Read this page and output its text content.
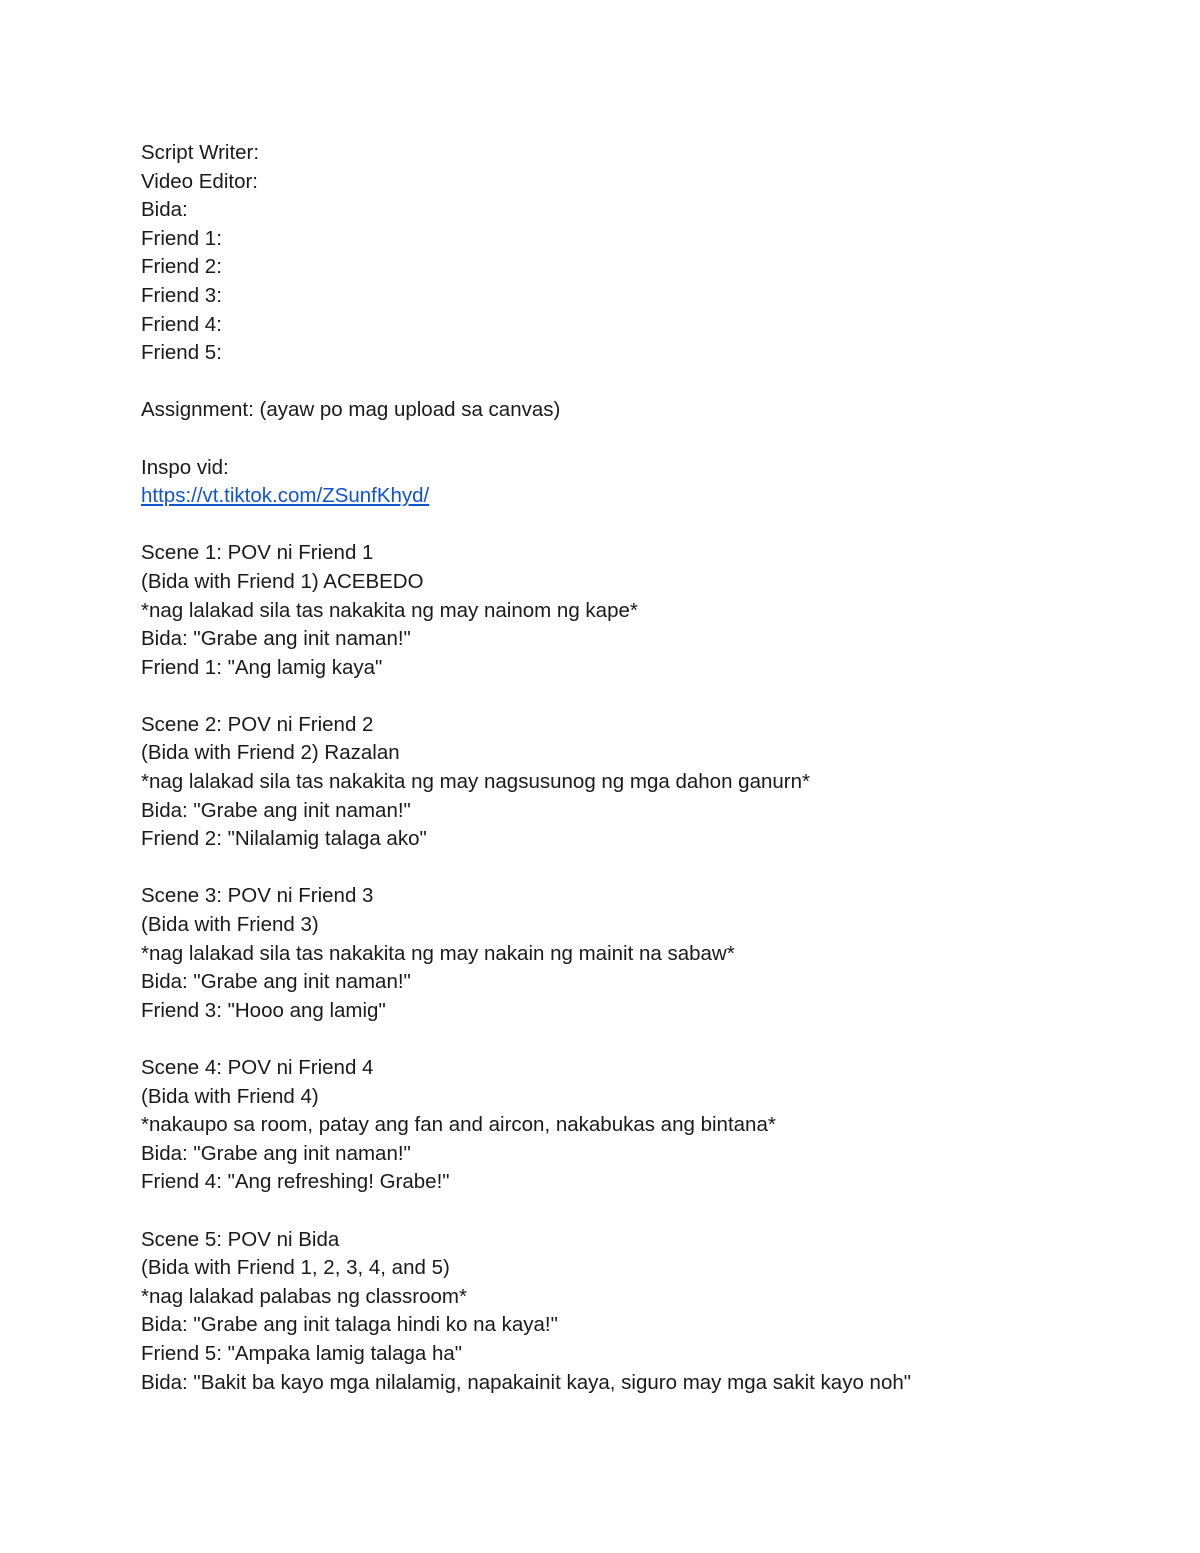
Script Writer:
Video Editor:
Bida:
Friend 1:
Friend 2:
Friend 3:
Friend 4:
Friend 5:
Assignment: (ayaw po mag upload sa canvas)
Inspo vid:
https://vt.tiktok.com/ZSunfKhyd/
Scene 1: POV ni Friend 1
(Bida with Friend 1) ACEBEDO
*nag lalakad sila tas nakakita ng may nainom ng kape*
Bida: "Grabe ang init naman!"
Friend 1: "Ang lamig kaya"
Scene 2: POV ni Friend 2
(Bida with Friend 2) Razalan
*nag lalakad sila tas nakakita ng may nagsusunog ng mga dahon ganurn*
Bida: "Grabe ang init naman!"
Friend 2: "Nilalamig talaga ako"
Scene 3: POV ni Friend 3
(Bida with Friend 3)
*nag lalakad sila tas nakakita ng may nakain ng mainit na sabaw*
Bida: "Grabe ang init naman!"
Friend 3: "Hooo ang lamig"
Scene 4: POV ni Friend 4
(Bida with Friend 4)
*nakaupo sa room, patay ang fan and aircon, nakabukas ang bintana*
Bida: "Grabe ang init naman!"
Friend 4: "Ang refreshing! Grabe!"
Scene 5: POV ni Bida
(Bida with Friend 1, 2, 3, 4, and 5)
*nag lalakad palabas ng classroom*
Bida: "Grabe ang init talaga hindi ko na kaya!"
Friend 5: "Ampaka lamig talaga ha"
Bida: "Bakit ba kayo mga nilalamig, napakainit kaya, siguro may mga sakit kayo noh"
